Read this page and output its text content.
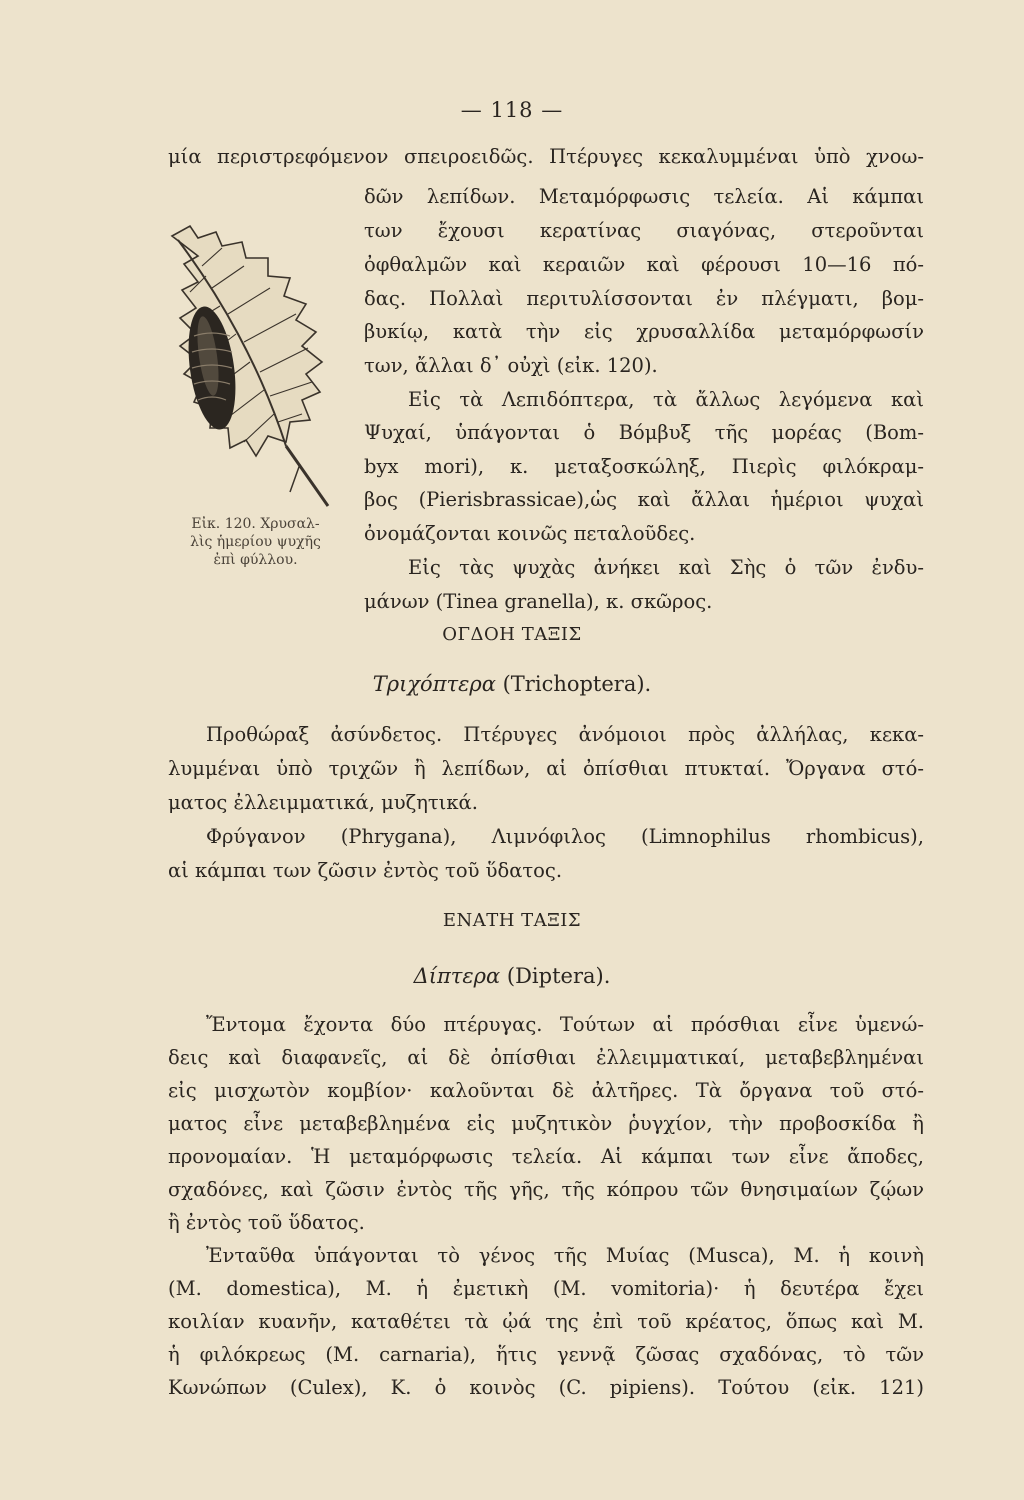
— 118 —
μία περιστρεφόμενον σπειροειδῶς. Πτέρυγες κεκαλυμμέναι ὑπὸ χνοω-
δῶν λεπίδων. Μεταμόρφωσις τελεία. Αἱ κάμπαι
των ἔχουσι κερατίνας σιαγόνας, στεροῦνται
ὀφθαλμῶν καὶ κεραιῶν καὶ φέρουσι 10—16 πό-
δας. Πολλαὶ περιτυλίσσονται ἐν πλέγματι, βομ-
βυκίῳ, κατὰ τὴν εἰς χρυσαλλίδα μεταμόρφωσίν
των, ἄλλαι δ᾽ οὐχὶ (εἰκ. 120).
Εἰς τὰ Λεπιδόπτερα, τὰ ἄλλως λεγόμενα καὶ
Ψυχαί, ὑπάγονται ὁ Βόμβυξ τῆς μορέας (Bom-
byx mori), κ. μεταξοσκώληξ, Πιερὶς φιλόκραμ-
βος (Pierisbrassicae),ὡς καὶ ἄλλαι ἡμέριοι ψυχαὶ
ὀνομάζονται κοινῶς πεταλοῦδες.
Εἰς τὰς ψυχὰς ἀνήκει καὶ Σὴς ὁ τῶν ἐνδυ-
μάνων (Tinea granella), κ. σκῶρος.
Εἰκ. 120. Χρυσαλ-
λὶς ἡμερίου ψυχῆς
ἐπὶ φύλλου.
ΟΓΔΟΗ ΤΑΞΙΣ
Τριχόπτερα (Trichoptera).
Προθώραξ ἀσύνδετος. Πτέρυγες ἀνόμοιοι πρὸς ἀλλήλας, κεκα-
λυμμέναι ὑπὸ τριχῶν ἢ λεπίδων, αἱ ὀπίσθιαι πτυκταί. Ὄργανα στό-
ματος ἐλλειμματικά, μυζητικά.
Φρύγανον (Phrygana), Λιμνόφιλος (Limnophilus rhombicus),
αἱ κάμπαι των ζῶσιν ἐντὸς τοῦ ὕδατος.
ΕΝΑΤΗ ΤΑΞΙΣ
Δίπτερα (Diptera).
Ἔντομα ἔχοντα δύο πτέρυγας. Τούτων αἱ πρόσθιαι εἶνε ὑμενώ-
δεις καὶ διαφανεῖς, αἱ δὲ ὀπίσθιαι ἐλλειμματικαί, μεταβεβλημέναι
εἰς μισχωτὸν κομβίον· καλοῦνται δὲ ἀλτῆρες. Τὰ ὄργανα τοῦ στό-
ματος εἶνε μεταβεβλημένα εἰς μυζητικὸν ῥυγχίον, τὴν προβοσκίδα ἢ
προνομαίαν. Ἡ μεταμόρφωσις τελεία. Αἱ κάμπαι των εἶνε ἄποδες,
σχαδόνες, καὶ ζῶσιν ἐντὸς τῆς γῆς, τῆς κόπρου τῶν θνησιμαίων ζῴων
ἢ ἐντὸς τοῦ ὕδατος.
Ἐνταῦθα ὑπάγονται τὸ γένος τῆς Μυίας (Musca), Μ. ἡ κοινὴ
(M. domestica), Μ. ἡ ἐμετικὴ (M. vomitoria)· ἡ δευτέρα ἔχει
κοιλίαν κυανῆν, καταθέτει τὰ ᾠά της ἐπὶ τοῦ κρέατος, ὅπως καὶ Μ.
ἡ φιλόκρεως (M. carnaria), ἥτις γεννᾷ ζῶσας σχαδόνας, τὸ τῶν
Κωνώπων (Culex), Κ. ὁ κοινὸς (C. pipiens). Τούτου (εἰκ. 121)
